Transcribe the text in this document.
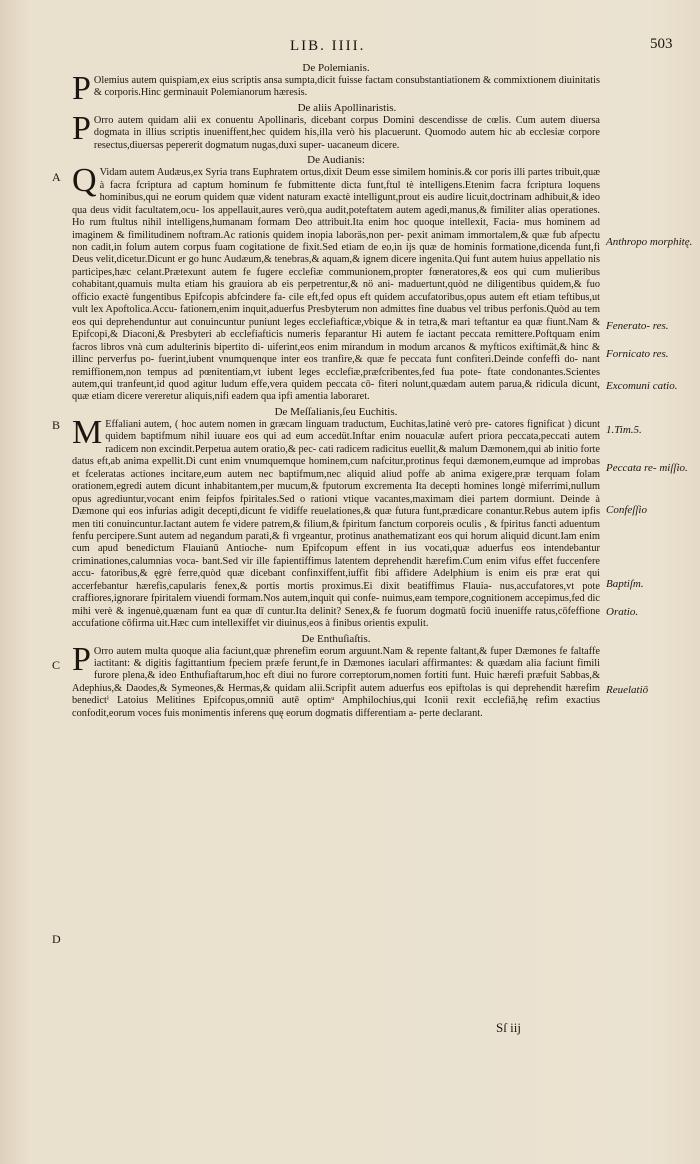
LIB. IIII.	503
De Polemianis.

P Olemius autem quispiam,ex eius scriptis ansa sumpta,dicit fuisse factam consubstantiationem & commixtionem diuinitatis & corporis.Hinc germinauit Polemianorum hæresis.

De aliis Apollinaristis.

P Orro autem quidam alii ex conuentu Apollinaris, dicebant corpus Domini descendisse de cœlis. Cum autem diuersa dogmata in illius scriptis inueniffent,hec quidem his,illa verò his placuerunt. Quomodo autem hic ab ecclesiæ corpore resectus,diuersas pepererit dogmatum nugas,duxi super- uacaneum dicere.

De Audianis:

Q Vidam autem Audæus,ex Syria trans Euphratem ortus,dixit Deum esse similem hominis.& cor poris illi partes tribuit,quæ à facra fcriptura ad captum hominum fe fubmittente dicta funt,ftul tè intelligens.Etenim facra fcriptura loquens hominibus,qui ne eorum quidem quæ vident naturam exactè intelligunt,prout eis audire licuit,doctrinam adhibuit,& ideo qua deus vidit facultatem,ocu- los appellauit,aures verò,qua audit,poteftatem autem agedi,manus,& fimiliter alias operationes. Ho rum ftultus nihil intelligens,humanam formam Deo attribuit.Ita enim hoc quoque intellexit, Facia- mus hominem ad imaginem & fimilitudinem noftram.Ac rationis quidem inopia laboräs,non per- pexit animam immortalem,& quæ fub afpectu non cadit,in folum autem corpus fuam cogitatione de fixit.Sed etiam de eo,in ijs quæ de hominis formatione,dicenda funt,fi Deus velit,dicetur.Dicunt er go hunc Audæum,& tenebras,& aquam,& ignem dicere ingenita.Qui funt autem huius appellatio nis participes,hæc celant.Prætexunt autem fe fugere ecclefiæ communionem,propter fœneratores,& eos qui cum mulieribus cohabitant,quamuis multa etiam his grauiora ab eis perpetrentur,& nö ani- maduertunt,quòd ne diligentibus quidem,& fuo officio exactè fungentibus Epifcopis abfcindere fa- cile eft,fed opus eft quidem accufatoribus,opus autem eft etiam teftibus,ut vult lex Apoftolica.Accu- fationem,enim inquit,aduerfus Presbyterum non admittes fine duabus vel tribus perfonis.Quòd au tem eos qui deprehenduntur aut conuincuntur puniunt leges ecclefiafticæ,vbique & in tetra,& mari teftantur ea quæ fiunt.Nam & Epifcopi,& Diaconi,& Presbyteri ab ecclefiafticis numeris feparantur Hi autem fe iactant peccata remittere.Poftquam enim facros libros vnà cum adulterinis bipertito di- uiferint,eos enim mirandum in modum arcanos & myfticos exiftimät,& hinc & illinc perverfus po- fuerint,iubent vnumquenque inter eos tranfire,& quæ fe peccata funt confiteri.Deinde confeffi do- nant remiffionem,non tempus ad pœnitentiam,vt iubent leges ecclefiæ,præfcribentes,fed fua pote- ftate condonantes.Scientes autem,qui tranfeunt,id quod agitur ludum effe,vera quidem peccata cō- fiteri nolunt,quædam autem parua,& ridicula dicunt, quæ etiam dicere vereretur aliquis,nifi eadem qua ipfi amentia laboraret.

De Meſſalianis,ſeu Euchitis.

M Effaliani autem, ( hoc autem nomen in græcam linguam traductum, Euchitas,latinè verò pre- catores fignificat ) dicunt quidem baptifmum nihil iuuare eos qui ad eum accedüt.Inftar enim nouaculæ aufert priora peccata,peccati autem radicem non excindit.Perpetua autem oratio,& pec- cati radicem radicitus euellit,& malum Dæmonem,qui ab initio forte datus eft,ab anima expellit.Di cunt enim vnumquemque hominem,cum nafcitur,protinus fequi dæmonem,eumque ad improbas et fceleratas actiones incitare,eum autem nec baptifmum,nec aliquid aliud poffe ab anima exigere,præ terquam folam orationem,egredi autem dicunt inhabitantem,per mucum,& fputorum excrementa Ita decepti homines longè miferrimi,nullum opus agrediuntur,vocant enim feipfos fpiritales.Sed o rationi vtique vacantes,maximam diei partem dormiunt. Deinde à Dæmone qui eos infurias adigit decepti,dicunt fe vidiffe reuelationes,& quæ futura funt,prædicare conantur.Rebus autem ipfis men titi conuincuntur.Iactant autem fe videre patrem,& filium,& fpiritum fanctum corporeis oculis , & fpiritus fancti aduentum fenfu percipere.Sunt autem ad negandum parati,& fi vrgeantur, protinus anathematizant eos qui horum aliquid dicunt.Iam enim cum apud benedictum Flauianū Antioche- num Epifcopum effent in ius vocati,quæ aduerfus eos intendebantur criminationes,calumnias voca- bant.Sed vir ille fapientiffimus latentem deprehendit hærefim.Cum enim vifus effet fuccenfere accu- fatoribus,& ęgrè ferre,quòd quæ dicebant confinxiffent,iuffit fibi affidere Adelphium is enim eis præ erat qui accerfebantur hærefis,capularis fenex,& portis mortis proximus.Ei dixit beatiffimus Flauia- nus,accufatores,vt pote craffiores,ignorare fpiritalem viuendi formam.Nos autem,inquit qui confe- nuimus,eam tempore,cognitionem accepimus,fed dic mihi verè & ingenuè,quænam funt ea quæ dī cuntur.Ita delinit? Senex,& fe fuorum dogmatū fociū inueniffe ratus,cōfeffione accufatione cōfirma uit.Hæc cum intellexiffet vir diuinus,eos à finibus orientis expulit.

De Enthuſiaſtis.

P Orro autem multa quoque alia faciunt,quæ phrenefim eorum arguunt.Nam & repente faltant,& fuper Dæmones fe faltaffe iactitant: & digitis fagittantium fpeciem præfe ferunt,fe in Dæmones iaculari affirmantes: & quædam alia faciunt fimili furore plena,& ideo Enthufiaftarum,hoc eft diui no furore correptorum,nomen fortiti funt. Huic hærefi præfuit Sabbas,& Adephius,& Daodes,& Symeones,& Hermas,& quidam alii.Scripfit autem aduerfus eos epiftolas is qui deprehendit hærefim benedictⁱ Latoius Melitines Epifcopus,omniū autē optimᵘ Amphilochius,qui Iconii rexit ecclefiā,hę refim exactius confodit,eorum voces fuis monimentis inferens quę eorum dogmatis differentiam a- perte declarant.

Anthropo morphitę.
Fenerato- res.
Fornicato res.
Excomuni catio.
1.Tim.5.
Peccata re- miſſio.
Confeſſio
Baptiſm.
Oratio.
Reuelatiō
A
B
C
D
Sſ iij
